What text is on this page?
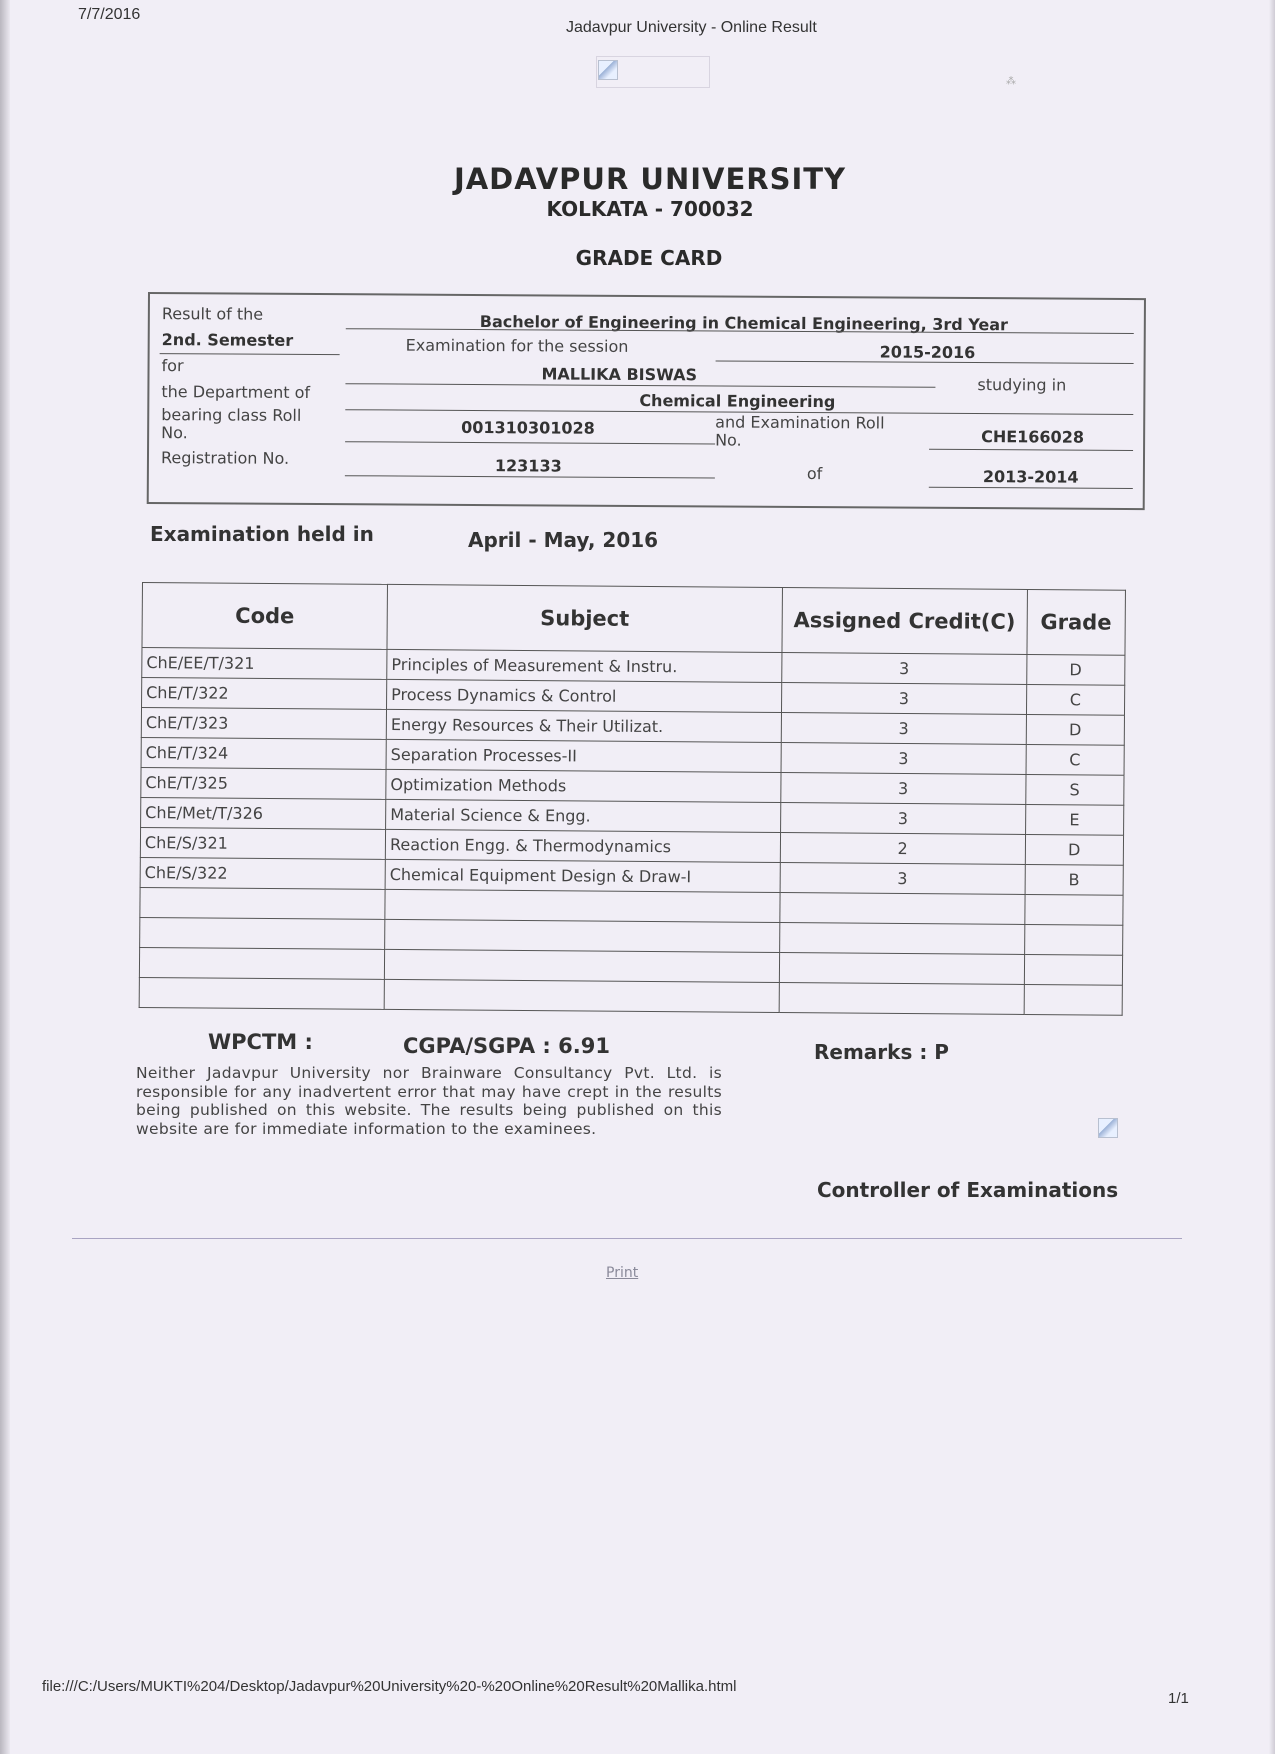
7/7/2016
Jadavpur University - Online Result
⁂
JADAVPUR UNIVERSITY
KOLKATA - 700032
GRADE CARD
Result of the	Bachelor of Engineering in Chemical Engineering, 3rd Year
2nd. Semester	Examination for the session	2015-2016
for	MALLIKA BISWAS
studying in
the Department of	Chemical Engineering
bearing class Roll No.	001310301028	and Examination Roll No.	CHE166028
Registration No.	123133	of	2013-2014
Examination held in	April - May, 2016
Code	Subject	Assigned Credit(C)	Grade
ChE/EE/T/321	Principles of Measurement & Instru.	3	D
ChE/T/322	Process Dynamics & Control	3	C
ChE/T/323	Energy Resources & Their Utilizat.	3	D
ChE/T/324	Separation Processes-II	3	C
ChE/T/325	Optimization Methods	3	S
ChE/Met/T/326	Material Science & Engg.	3	E
ChE/S/321	Reaction Engg. & Thermodynamics	2	D
ChE/S/322	Chemical Equipment Design & Draw-I	3	B

WPCTM :	CGPA/SGPA : 6.91	Remarks : P
Neither Jadavpur University nor Brainware Consultancy Pvt. Ltd. is responsible for any inadvertent error that may have crept in the results being published on this website. The results being published on this website are for immediate information to the examinees.
Controller of Examinations
Print
file:///C:/Users/MUKTI%204/Desktop/Jadavpur%20University%20-%20Online%20Result%20Mallika.html
1/1
